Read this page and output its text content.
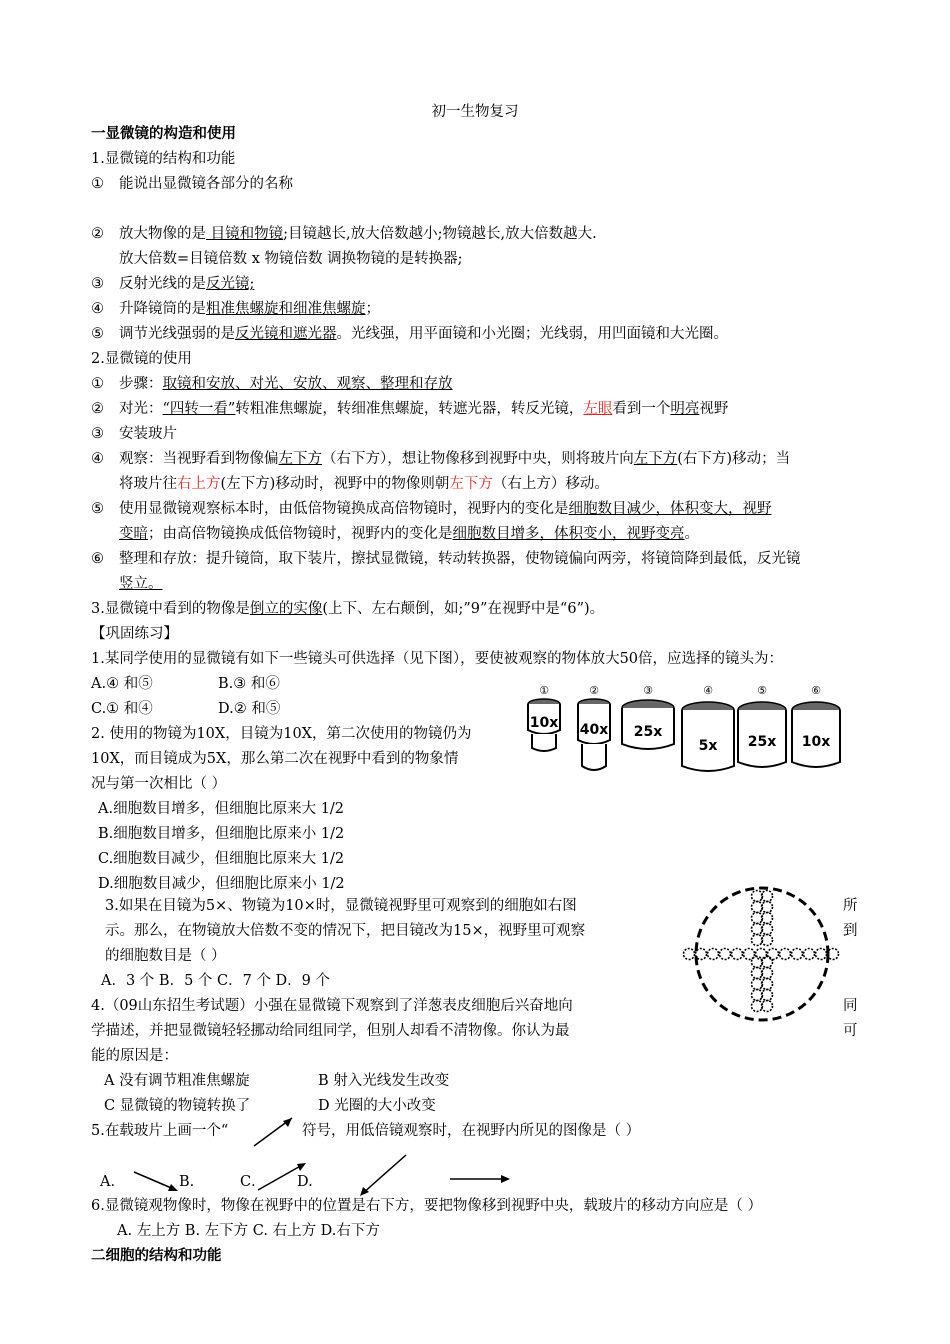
初一生物复习
一显微镜的构造和使用
1.显微镜的结构和功能
① 能说出显微镜各部分的名称
② 放大物像的是 目镜和物镜;目镜越长,放大倍数越小;物镜越长,放大倍数越大.
放大倍数=目镜倍数 x 物镜倍数 调换物镜的是转换器;
③ 反射光线的是反光镜;
④ 升降镜筒的是粗准焦螺旋和细准焦螺旋；
⑤ 调节光线强弱的是反光镜和遮光器。光线强，用平面镜和小光圈；光线弱，用凹面镜和大光圈。
2.显微镜的使用
① 步骤：取镜和安放、对光、安放、观察、整理和存放
② 对光：“四转一看”转粗准焦螺旋，转细准焦螺旋，转遮光器，转反光镜，左眼看到一个明亮视野
③ 安装玻片
④ 观察：当视野看到物像偏左下方（右下方），想让物像移到视野中央，则将玻片向左下方(右下方)移动；当
将玻片往右上方(左下方)移动时，视野中的物像则朝左下方（右上方）移动。
⑤ 使用显微镜观察标本时，由低倍物镜换成高倍物镜时，视野内的变化是细胞数目减少，体积变大，视野
变暗；由高倍物镜换成低倍物镜时，视野内的变化是细胞数目增多，体积变小，视野变亮。
⑥ 整理和存放：提升镜筒，取下装片，擦拭显微镜，转动转换器，使物镜偏向两旁，将镜筒降到最低，反光镜
竖立。
3.显微镜中看到的物像是倒立的实像(上下、左右颠倒，如;”9”在视野中是“6”)。
【巩固练习】
1.某同学使用的显微镜有如下一些镜头可供选择（见下图），要使被观察的物体放大50倍，应选择的镜头为：
A.④ 和⑤	B.③ 和⑥
C.① 和④	D.② 和⑤
①
10x
②
40x
③
25x
④
5x
⑤
25x
⑥
10x
2. 使用的物镜为10X，目镜为10X，第二次使用的物镜仍为
10X，而目镜成为5X，那么第二次在视野中看到的物象情
况与第一次相比（ ）
A.细胞数目增多，但细胞比原来大 1/2
B.细胞数目增多，但细胞比原来小 1/2
C.细胞数目减少，但细胞比原来大 1/2
D.细胞数目减少，但细胞比原来小 1/2
3.如果在目镜为5×、物镜为10×时，显微镜视野里可观察到的细胞如右图	所
示。那么，在物镜放大倍数不变的情况下，把目镜改为15×，视野里可观察	到
的细胞数目是（ ）
A．3 个 B．5 个 C．7 个 D．9 个
4.（09山东招生考试题）小强在显微镜下观察到了洋葱表皮细胞后兴奋地向	同
学描述，并把显微镜轻轻挪动给同组同学，但别人却看不清物像。你认为最	可
能的原因是：
A 没有调节粗准焦螺旋	B 射入光线发生改变
C 显微镜的物镜转换了	D 光圈的大小改变
5.在载玻片上画一个“	符号，用低倍镜观察时，在视野内所见的图像是（ ）
A．	B.	C． D.
6.显微镜观物像时，物像在视野中的位置是右下方，要把物像移到视野中央，载玻片的移动方向应是（ ）
A. 左上方 B. 左下方 C. 右上方 D.右下方
二细胞的结构和功能
